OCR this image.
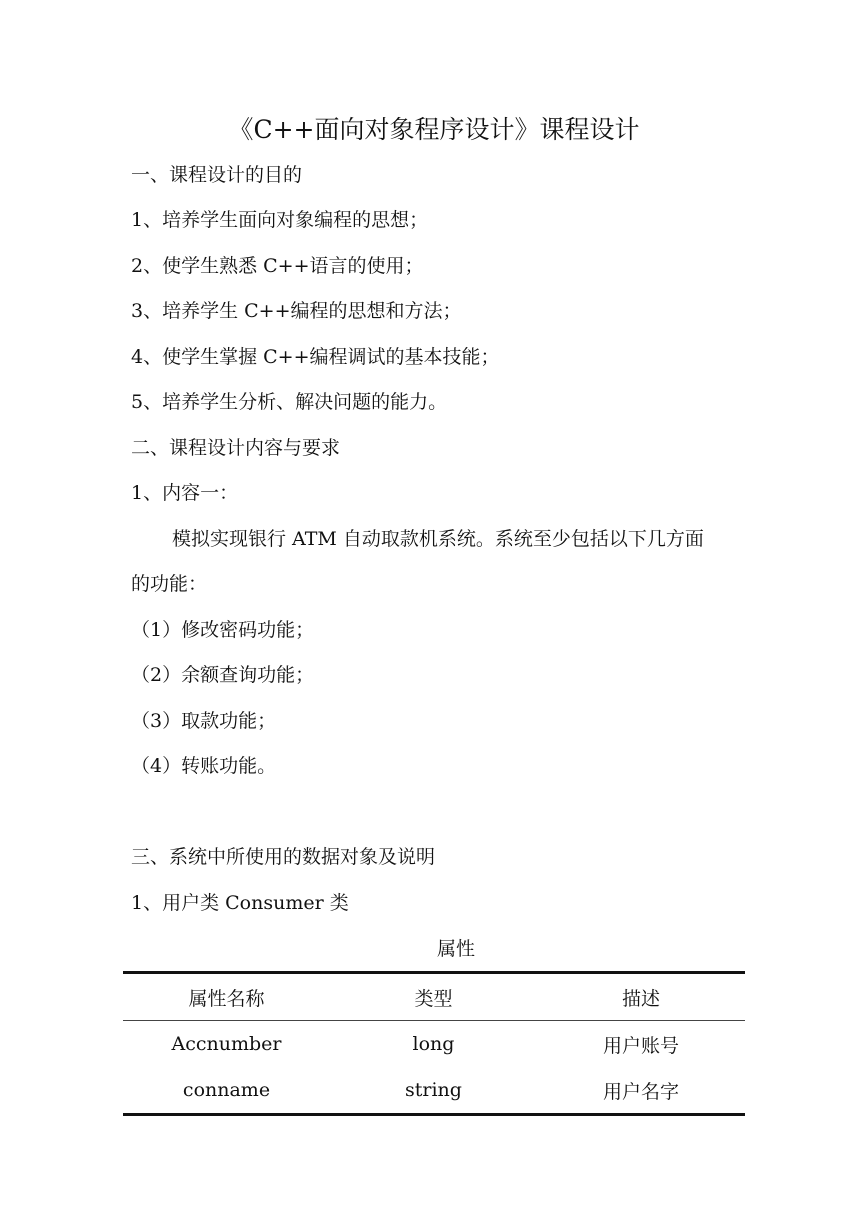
《C++面向对象程序设计》课程设计
一、课程设计的目的
1、培养学生面向对象编程的思想；
2、使学生熟悉 C++语言的使用；
3、培养学生 C++编程的思想和方法；
4、使学生掌握 C++编程调试的基本技能；
5、培养学生分析、解决问题的能力。
二、课程设计内容与要求
1、内容一：
模拟实现银行 ATM 自动取款机系统。系统至少包括以下几方面
的功能：
（1）修改密码功能；
（2）余额查询功能；
（3）取款功能；
（4）转账功能。
三、系统中所使用的数据对象及说明
1、用户类 Consumer 类
属性
属性名称	类型	描述
Accnumber	long	用户账号
conname	string	用户名字
